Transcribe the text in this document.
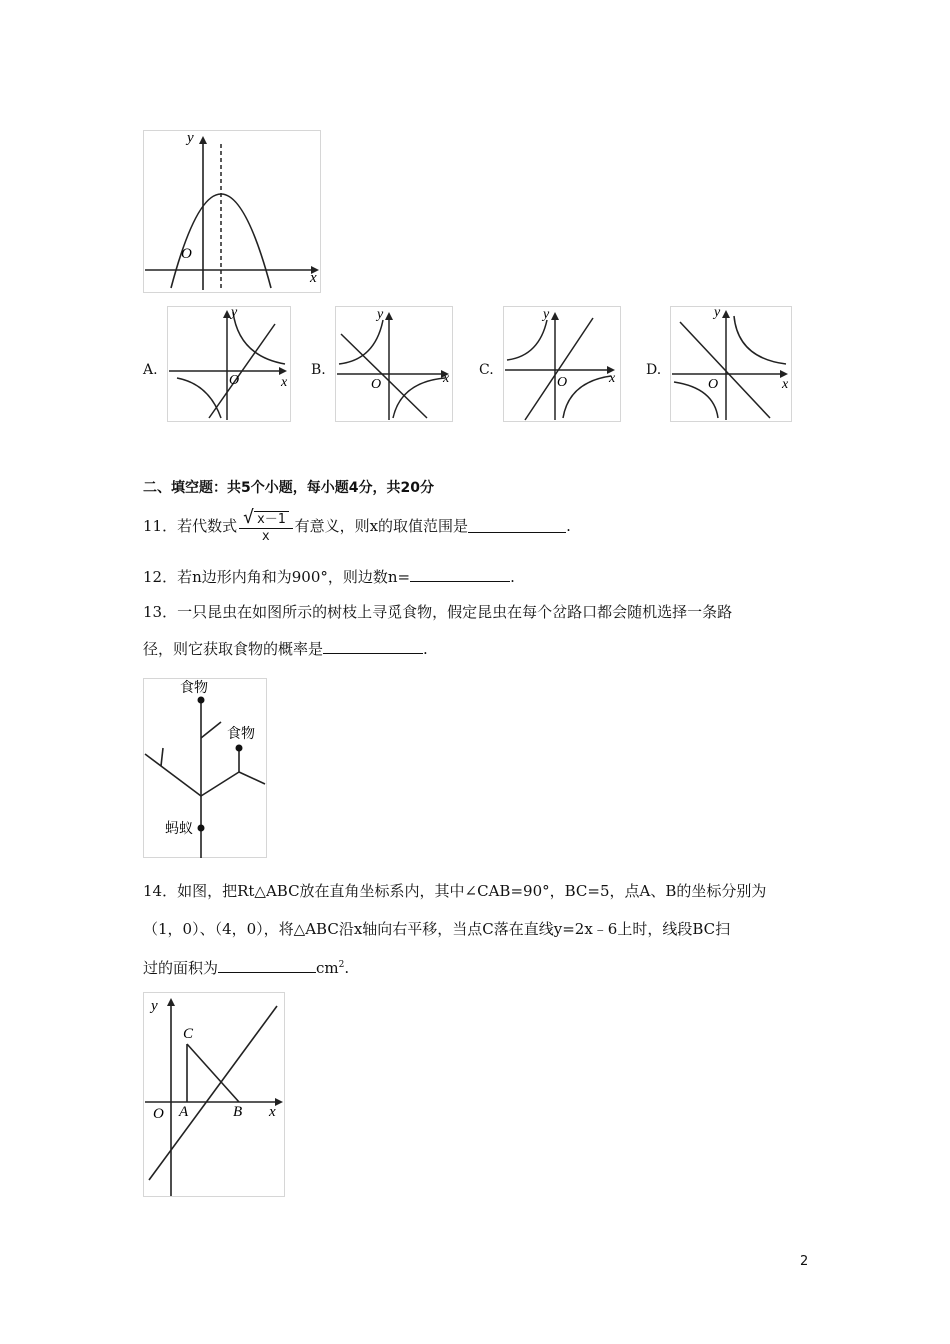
y
x
O
A.
y
x
O
B.
y
x
O
C.
y
x
O
D.
y
x
O
二、填空题：共5个小题，每小题4分，共20分
11．若代数式 $\frac{√ x-1}{x}$ 有意义，则x的取值范围是	.
12．若n边形内角和为900°，则边数n=	.
13．一只昆虫在如图所示的树枝上寻觅食物，假定昆虫在每个岔路口都会随机选择一条路
径，则它获取食物的概率是	.
食物
食物
蚂蚁
14．如图，把Rt△ABC放在直角坐标系内，其中∠CAB=90°，BC=5，点A、B的坐标分别为
（1，0）、（4，0），将△ABC沿x轴向右平移，当点C落在直线y=2x﹣6上时，线段BC扫
过的面积为	$cm^2$.
y
x
O A	B
C
2
